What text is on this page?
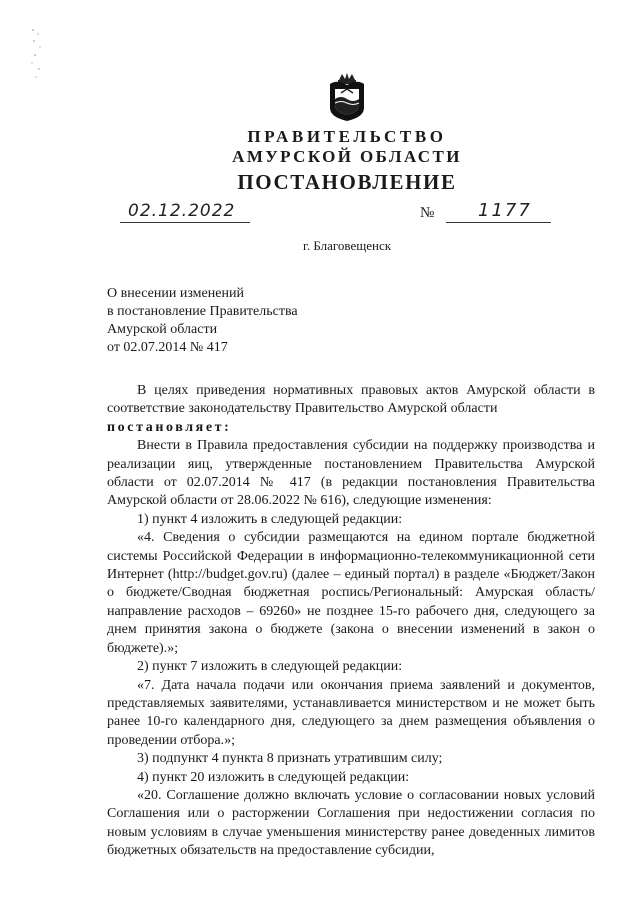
ПРАВИТЕЛЬСТВО
АМУРСКОЙ ОБЛАСТИ
ПОСТАНОВЛЕНИЕ
02.12.2022	№ 1177
г. Благовещенск
О внесении изменений
в постановление Правительства
Амурской области
от 02.07.2014 № 417

В целях приведения нормативных правовых актов Амурской области в соответствие законодательству Правительство Амурской области

постановляет:

Внести в Правила предоставления субсидии на поддержку производства и реализации яиц, утвержденные постановлением Правительства Амурской области от 02.07.2014 № 417 (в редакции постановления Правительства Амурской области от 28.06.2022 № 616), следующие изменения:

1) пункт 4 изложить в следующей редакции:

«4. Сведения о субсидии размещаются на едином портале бюджетной системы Российской Федерации в информационно-телекоммуникационной сети Интернет (http://budget.gov.ru) (далее – единый портал) в разделе «Бюджет/Закон о бюджете/Сводная бюджетная роспись/Региональный: Амурская область/направление расходов – 69260» не позднее 15-го рабочего дня, следующего за днем принятия закона о бюджете (закона о внесении изменений в закон о бюджете).»;

2) пункт 7 изложить в следующей редакции:

«7. Дата начала подачи или окончания приема заявлений и документов, представляемых заявителями, устанавливается министерством и не может быть ранее 10-го календарного дня, следующего за днем размещения объявления о проведении отбора.»;

3) подпункт 4 пункта 8 признать утратившим силу;

4) пункт 20 изложить в следующей редакции:

«20. Соглашение должно включать условие о согласовании новых условий Соглашения или о расторжении Соглашения при недостижении согласия по новым условиям в случае уменьшения министерству ранее доведенных лимитов бюджетных обязательств на предоставление субсидии,
